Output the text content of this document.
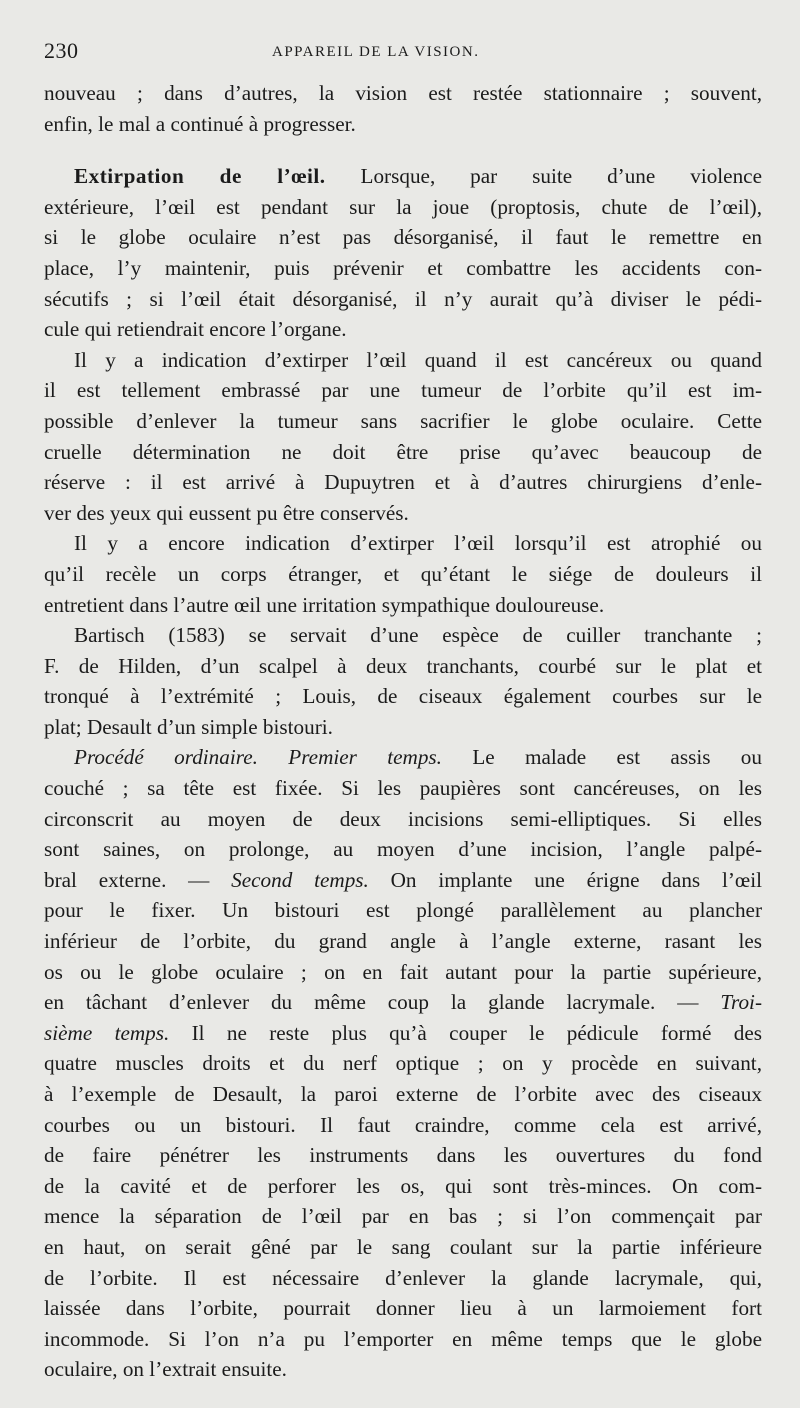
230	APPAREIL DE LA VISION.
nouveau ; dans d’autres, la vision est restée stationnaire ; souvent,
enfin, le mal a continué à progresser.
Extirpation de l’œil. Lorsque, par suite d’une violence
extérieure, l’œil est pendant sur la joue (proptosis, chute de l’œil),
si le globe oculaire n’est pas désorganisé, il faut le remettre en
place, l’y maintenir, puis prévenir et combattre les accidents con-
sécutifs ; si l’œil était désorganisé, il n’y aurait qu’à diviser le pédi-
cule qui retiendrait encore l’organe.
Il y a indication d’extirper l’œil quand il est cancéreux ou quand
il est tellement embrassé par une tumeur de l’orbite qu’il est im-
possible d’enlever la tumeur sans sacrifier le globe oculaire. Cette
cruelle détermination ne doit être prise qu’avec beaucoup de
réserve : il est arrivé à Dupuytren et à d’autres chirurgiens d’enle-
ver des yeux qui eussent pu être conservés.
Il y a encore indication d’extirper l’œil lorsqu’il est atrophié ou
qu’il recèle un corps étranger, et qu’étant le siége de douleurs il
entretient dans l’autre œil une irritation sympathique douloureuse.
Bartisch (1583) se servait d’une espèce de cuiller tranchante ;
F. de Hilden, d’un scalpel à deux tranchants, courbé sur le plat et
tronqué à l’extrémité ; Louis, de ciseaux également courbes sur le
plat; Desault d’un simple bistouri.
Procédé ordinaire. Premier temps. Le malade est assis ou
couché ; sa tête est fixée. Si les paupières sont cancéreuses, on les
circonscrit au moyen de deux incisions semi-elliptiques. Si elles
sont saines, on prolonge, au moyen d’une incision, l’angle palpé-
bral externe. — Second temps. On implante une érigne dans l’œil
pour le fixer. Un bistouri est plongé parallèlement au plancher
inférieur de l’orbite, du grand angle à l’angle externe, rasant les
os ou le globe oculaire ; on en fait autant pour la partie supérieure,
en tâchant d’enlever du même coup la glande lacrymale. — Troi-
sième temps. Il ne reste plus qu’à couper le pédicule formé des
quatre muscles droits et du nerf optique ; on y procède en suivant,
à l’exemple de Desault, la paroi externe de l’orbite avec des ciseaux
courbes ou un bistouri. Il faut craindre, comme cela est arrivé,
de faire pénétrer les instruments dans les ouvertures du fond
de la cavité et de perforer les os, qui sont très-minces. On com-
mence la séparation de l’œil par en bas ; si l’on commençait par
en haut, on serait gêné par le sang coulant sur la partie inférieure
de l’orbite. Il est nécessaire d’enlever la glande lacrymale, qui,
laissée dans l’orbite, pourrait donner lieu à un larmoiement fort
incommode. Si l’on n’a pu l’emporter en même temps que le globe
oculaire, on l’extrait ensuite.
